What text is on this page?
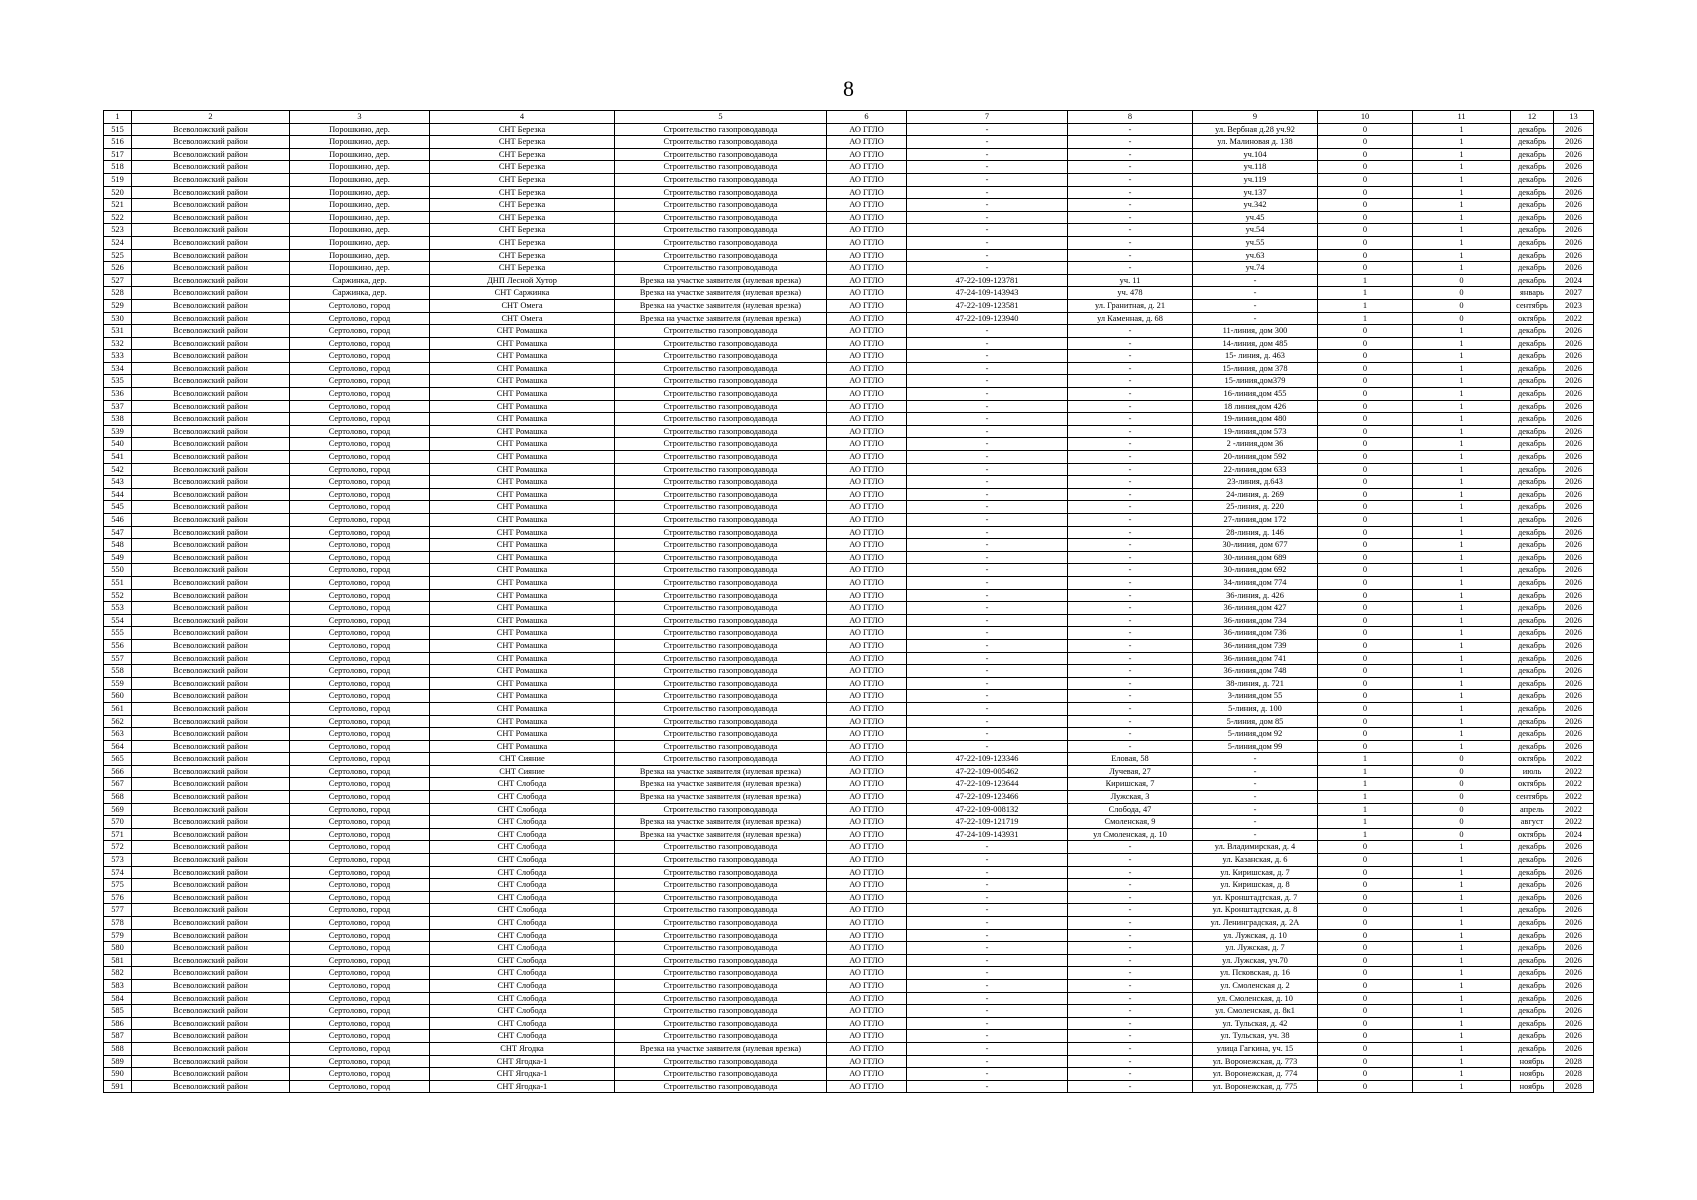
8
1	2	3	4	5	6	7	8	9	10	11	12	13
515	Всеволожский район	Порошкино, дер.	СНТ Березка	Строительство газопроводавода	АО ГГЛО	-	-	ул. Вербная д.28 уч.92	0	1	декабрь	2026
516	Всеволожский район	Порошкино, дер.	СНТ Березка	Строительство газопроводавода	АО ГГЛО	-	-	ул. Малиновая д. 138	0	1	декабрь	2026
517	Всеволожский район	Порошкино, дер.	СНТ Березка	Строительство газопроводавода	АО ГГЛО	-	-	уч.104	0	1	декабрь	2026
518	Всеволожский район	Порошкино, дер.	СНТ Березка	Строительство газопроводавода	АО ГГЛО	-	-	уч.118	0	1	декабрь	2026
519	Всеволожский район	Порошкино, дер.	СНТ Березка	Строительство газопроводавода	АО ГГЛО	-	-	уч.119	0	1	декабрь	2026
520	Всеволожский район	Порошкино, дер.	СНТ Березка	Строительство газопроводавода	АО ГГЛО	-	-	уч.137	0	1	декабрь	2026
521	Всеволожский район	Порошкино, дер.	СНТ Березка	Строительство газопроводавода	АО ГГЛО	-	-	уч.342	0	1	декабрь	2026
522	Всеволожский район	Порошкино, дер.	СНТ Березка	Строительство газопроводавода	АО ГГЛО	-	-	уч.45	0	1	декабрь	2026
523	Всеволожский район	Порошкино, дер.	СНТ Березка	Строительство газопроводавода	АО ГГЛО	-	-	уч.54	0	1	декабрь	2026
524	Всеволожский район	Порошкино, дер.	СНТ Березка	Строительство газопроводавода	АО ГГЛО	-	-	уч.55	0	1	декабрь	2026
525	Всеволожский район	Порошкино, дер.	СНТ Березка	Строительство газопроводавода	АО ГГЛО	-	-	уч.63	0	1	декабрь	2026
526	Всеволожский район	Порошкино, дер.	СНТ Березка	Строительство газопроводавода	АО ГГЛО	-	-	уч.74	0	1	декабрь	2026
527	Всеволожский район	Саржинка, дер.	ДНП Лесной Хутор	Врезка на участке заявителя (нулевая врезка)	АО ГГЛО	47-22-109-123781	уч. 11	-	1	0	декабрь	2024
528	Всеволожский район	Саржинка, дер.	СНТ Саржинка	Врезка на участке заявителя (нулевая врезка)	АО ГГЛО	47-24-109-143943	уч. 478	-	1	0	январь	2027
529	Всеволожский район	Сертолово, город	СНТ Омега	Врезка на участке заявителя (нулевая врезка)	АО ГГЛО	47-22-109-123581	ул. Гранитная, д. 21	-	1	0	сентябрь	2023
530	Всеволожский район	Сертолово, город	СНТ Омега	Врезка на участке заявителя (нулевая врезка)	АО ГГЛО	47-22-109-123940	ул Каменная, д. 68	-	1	0	октябрь	2022
531	Всеволожский район	Сертолово, город	СНТ Ромашка	Строительство газопроводавода	АО ГГЛО	-	-	11-линия, дом 300	0	1	декабрь	2026
532	Всеволожский район	Сертолово, город	СНТ Ромашка	Строительство газопроводавода	АО ГГЛО	-	-	14-линия, дом 485	0	1	декабрь	2026
533	Всеволожский район	Сертолово, город	СНТ Ромашка	Строительство газопроводавода	АО ГГЛО	-	-	15- линия, д. 463	0	1	декабрь	2026
534	Всеволожский район	Сертолово, город	СНТ Ромашка	Строительство газопроводавода	АО ГГЛО	-	-	15-линия, дом 378	0	1	декабрь	2026
535	Всеволожский район	Сертолово, город	СНТ Ромашка	Строительство газопроводавода	АО ГГЛО	-	-	15-линия,дом379	0	1	декабрь	2026
536	Всеволожский район	Сертолово, город	СНТ Ромашка	Строительство газопроводавода	АО ГГЛО	-	-	16-линия,дом 455	0	1	декабрь	2026
537	Всеволожский район	Сертолово, город	СНТ Ромашка	Строительство газопроводавода	АО ГГЛО	-	-	18 линия,дом 426	0	1	декабрь	2026
538	Всеволожский район	Сертолово, город	СНТ Ромашка	Строительство газопроводавода	АО ГГЛО	-	-	19-линия,дом 480	0	1	декабрь	2026
539	Всеволожский район	Сертолово, город	СНТ Ромашка	Строительство газопроводавода	АО ГГЛО	-	-	19-линия,дом 573	0	1	декабрь	2026
540	Всеволожский район	Сертолово, город	СНТ Ромашка	Строительство газопроводавода	АО ГГЛО	-	-	2 -линия,дом 36	0	1	декабрь	2026
541	Всеволожский район	Сертолово, город	СНТ Ромашка	Строительство газопроводавода	АО ГГЛО	-	-	20-линия,дом 592	0	1	декабрь	2026
542	Всеволожский район	Сертолово, город	СНТ Ромашка	Строительство газопроводавода	АО ГГЛО	-	-	22-линия,дом 633	0	1	декабрь	2026
543	Всеволожский район	Сертолово, город	СНТ Ромашка	Строительство газопроводавода	АО ГГЛО	-	-	23-линия, д.643	0	1	декабрь	2026
544	Всеволожский район	Сертолово, город	СНТ Ромашка	Строительство газопроводавода	АО ГГЛО	-	-	24-линия, д. 269	0	1	декабрь	2026
545	Всеволожский район	Сертолово, город	СНТ Ромашка	Строительство газопроводавода	АО ГГЛО	-	-	25-линия, д. 220	0	1	декабрь	2026
546	Всеволожский район	Сертолово, город	СНТ Ромашка	Строительство газопроводавода	АО ГГЛО	-	-	27-линия,дом 172	0	1	декабрь	2026
547	Всеволожский район	Сертолово, город	СНТ Ромашка	Строительство газопроводавода	АО ГГЛО	-	-	28-линия, д. 146	0	1	декабрь	2026
548	Всеволожский район	Сертолово, город	СНТ Ромашка	Строительство газопроводавода	АО ГГЛО	-	-	30-линия, дом 677	0	1	декабрь	2026
549	Всеволожский район	Сертолово, город	СНТ Ромашка	Строительство газопроводавода	АО ГГЛО	-	-	30-линия,дом 689	0	1	декабрь	2026
550	Всеволожский район	Сертолово, город	СНТ Ромашка	Строительство газопроводавода	АО ГГЛО	-	-	30-линия,дом 692	0	1	декабрь	2026
551	Всеволожский район	Сертолово, город	СНТ Ромашка	Строительство газопроводавода	АО ГГЛО	-	-	34-линия,дом 774	0	1	декабрь	2026
552	Всеволожский район	Сертолово, город	СНТ Ромашка	Строительство газопроводавода	АО ГГЛО	-	-	36-линия, д. 426	0	1	декабрь	2026
553	Всеволожский район	Сертолово, город	СНТ Ромашка	Строительство газопроводавода	АО ГГЛО	-	-	36-линия,дом 427	0	1	декабрь	2026
554	Всеволожский район	Сертолово, город	СНТ Ромашка	Строительство газопроводавода	АО ГГЛО	-	-	36-линия,дом 734	0	1	декабрь	2026
555	Всеволожский район	Сертолово, город	СНТ Ромашка	Строительство газопроводавода	АО ГГЛО	-	-	36-линия,дом 736	0	1	декабрь	2026
556	Всеволожский район	Сертолово, город	СНТ Ромашка	Строительство газопроводавода	АО ГГЛО	-	-	36-линия,дом 739	0	1	декабрь	2026
557	Всеволожский район	Сертолово, город	СНТ Ромашка	Строительство газопроводавода	АО ГГЛО	-	-	36-линия,дом 741	0	1	декабрь	2026
558	Всеволожский район	Сертолово, город	СНТ Ромашка	Строительство газопроводавода	АО ГГЛО	-	-	36-линия,дом 748	0	1	декабрь	2026
559	Всеволожский район	Сертолово, город	СНТ Ромашка	Строительство газопроводавода	АО ГГЛО	-	-	38-линия, д. 721	0	1	декабрь	2026
560	Всеволожский район	Сертолово, город	СНТ Ромашка	Строительство газопроводавода	АО ГГЛО	-	-	3-линия,дом 55	0	1	декабрь	2026
561	Всеволожский район	Сертолово, город	СНТ Ромашка	Строительство газопроводавода	АО ГГЛО	-	-	5-линия, д. 100	0	1	декабрь	2026
562	Всеволожский район	Сертолово, город	СНТ Ромашка	Строительство газопроводавода	АО ГГЛО	-	-	5-линия, дом 85	0	1	декабрь	2026
563	Всеволожский район	Сертолово, город	СНТ Ромашка	Строительство газопроводавода	АО ГГЛО	-	-	5-линия,дом 92	0	1	декабрь	2026
564	Всеволожский район	Сертолово, город	СНТ Ромашка	Строительство газопроводавода	АО ГГЛО	-	-	5-линия,дом 99	0	1	декабрь	2026
565	Всеволожский район	Сертолово, город	СНТ Сияние	Строительство газопроводавода	АО ГГЛО	47-22-109-123346	Еловая, 58	-	1	0	октябрь	2022
566	Всеволожский район	Сертолово, город	СНТ Сияние	Врезка на участке заявителя (нулевая врезка)	АО ГГЛО	47-22-109-005462	Лучевая, 27	-	1	0	июль	2022
567	Всеволожский район	Сертолово, город	СНТ Слобода	Врезка на участке заявителя (нулевая врезка)	АО ГГЛО	47-22-109-123644	Киришская, 7	-	1	0	октябрь	2022
568	Всеволожский район	Сертолово, город	СНТ Слобода	Врезка на участке заявителя (нулевая врезка)	АО ГГЛО	47-22-109-123466	Лужская, 3	-	1	0	сентябрь	2022
569	Всеволожский район	Сертолово, город	СНТ Слобода	Строительство газопроводавода	АО ГГЛО	47-22-109-008132	Слобода, 47	-	1	0	апрель	2022
570	Всеволожский район	Сертолово, город	СНТ Слобода	Врезка на участке заявителя (нулевая врезка)	АО ГГЛО	47-22-109-121719	Смоленская, 9	-	1	0	август	2022
571	Всеволожский район	Сертолово, город	СНТ Слобода	Врезка на участке заявителя (нулевая врезка)	АО ГГЛО	47-24-109-143931	ул Смоленская, д. 10	-	1	0	октябрь	2024
572	Всеволожский район	Сертолово, город	СНТ Слобода	Строительство газопроводавода	АО ГГЛО	-	-	ул. Владимирская, д. 4	0	1	декабрь	2026
573	Всеволожский район	Сертолово, город	СНТ Слобода	Строительство газопроводавода	АО ГГЛО	-	-	ул. Казанская, д. 6	0	1	декабрь	2026
574	Всеволожский район	Сертолово, город	СНТ Слобода	Строительство газопроводавода	АО ГГЛО	-	-	ул. Киришская, д. 7	0	1	декабрь	2026
575	Всеволожский район	Сертолово, город	СНТ Слобода	Строительство газопроводавода	АО ГГЛО	-	-	ул. Киришская, д. 8	0	1	декабрь	2026
576	Всеволожский район	Сертолово, город	СНТ Слобода	Строительство газопроводавода	АО ГГЛО	-	-	ул. Кронштадтская, д. 7	0	1	декабрь	2026
577	Всеволожский район	Сертолово, город	СНТ Слобода	Строительство газопроводавода	АО ГГЛО	-	-	ул. Кронштадтская, д. 8	0	1	декабрь	2026
578	Всеволожский район	Сертолово, город	СНТ Слобода	Строительство газопроводавода	АО ГГЛО	-	-	ул. Ленинградская, д. 2А	0	1	декабрь	2026
579	Всеволожский район	Сертолово, город	СНТ Слобода	Строительство газопроводавода	АО ГГЛО	-	-	ул. Лужская, д. 10	0	1	декабрь	2026
580	Всеволожский район	Сертолово, город	СНТ Слобода	Строительство газопроводавода	АО ГГЛО	-	-	ул. Лужская, д. 7	0	1	декабрь	2026
581	Всеволожский район	Сертолово, город	СНТ Слобода	Строительство газопроводавода	АО ГГЛО	-	-	ул. Лужская, уч.70	0	1	декабрь	2026
582	Всеволожский район	Сертолово, город	СНТ Слобода	Строительство газопроводавода	АО ГГЛО	-	-	ул. Псковская, д. 16	0	1	декабрь	2026
583	Всеволожский район	Сертолово, город	СНТ Слобода	Строительство газопроводавода	АО ГГЛО	-	-	ул. Смоленская д. 2	0	1	декабрь	2026
584	Всеволожский район	Сертолово, город	СНТ Слобода	Строительство газопроводавода	АО ГГЛО	-	-	ул. Смоленская, д. 10	0	1	декабрь	2026
585	Всеволожский район	Сертолово, город	СНТ Слобода	Строительство газопроводавода	АО ГГЛО	-	-	ул. Смоленская, д. 8к1	0	1	декабрь	2026
586	Всеволожский район	Сертолово, город	СНТ Слобода	Строительство газопроводавода	АО ГГЛО	-	-	ул. Тульская, д. 42	0	1	декабрь	2026
587	Всеволожский район	Сертолово, город	СНТ Слобода	Строительство газопроводавода	АО ГГЛО	-	-	ул. Тульская, уч. 38	0	1	декабрь	2026
588	Всеволожский район	Сертолово, город	СНТ Ягодка	Врезка на участке заявителя (нулевая врезка)	АО ГГЛО	-	-	улица Гагкина, уч. 15	0	1	декабрь	2026
589	Всеволожский район	Сертолово, город	СНТ Ягодка-1	Строительство газопроводавода	АО ГГЛО	-	-	ул. Воронежская, д. 773	0	1	ноябрь	2028
590	Всеволожский район	Сертолово, город	СНТ Ягодка-1	Строительство газопроводавода	АО ГГЛО	-	-	ул. Воронежская, д. 774	0	1	ноябрь	2028
591	Всеволожский район	Сертолово, город	СНТ Ягодка-1	Строительство газопроводавода	АО ГГЛО	-	-	ул. Воронежская, д. 775	0	1	ноябрь	2028
